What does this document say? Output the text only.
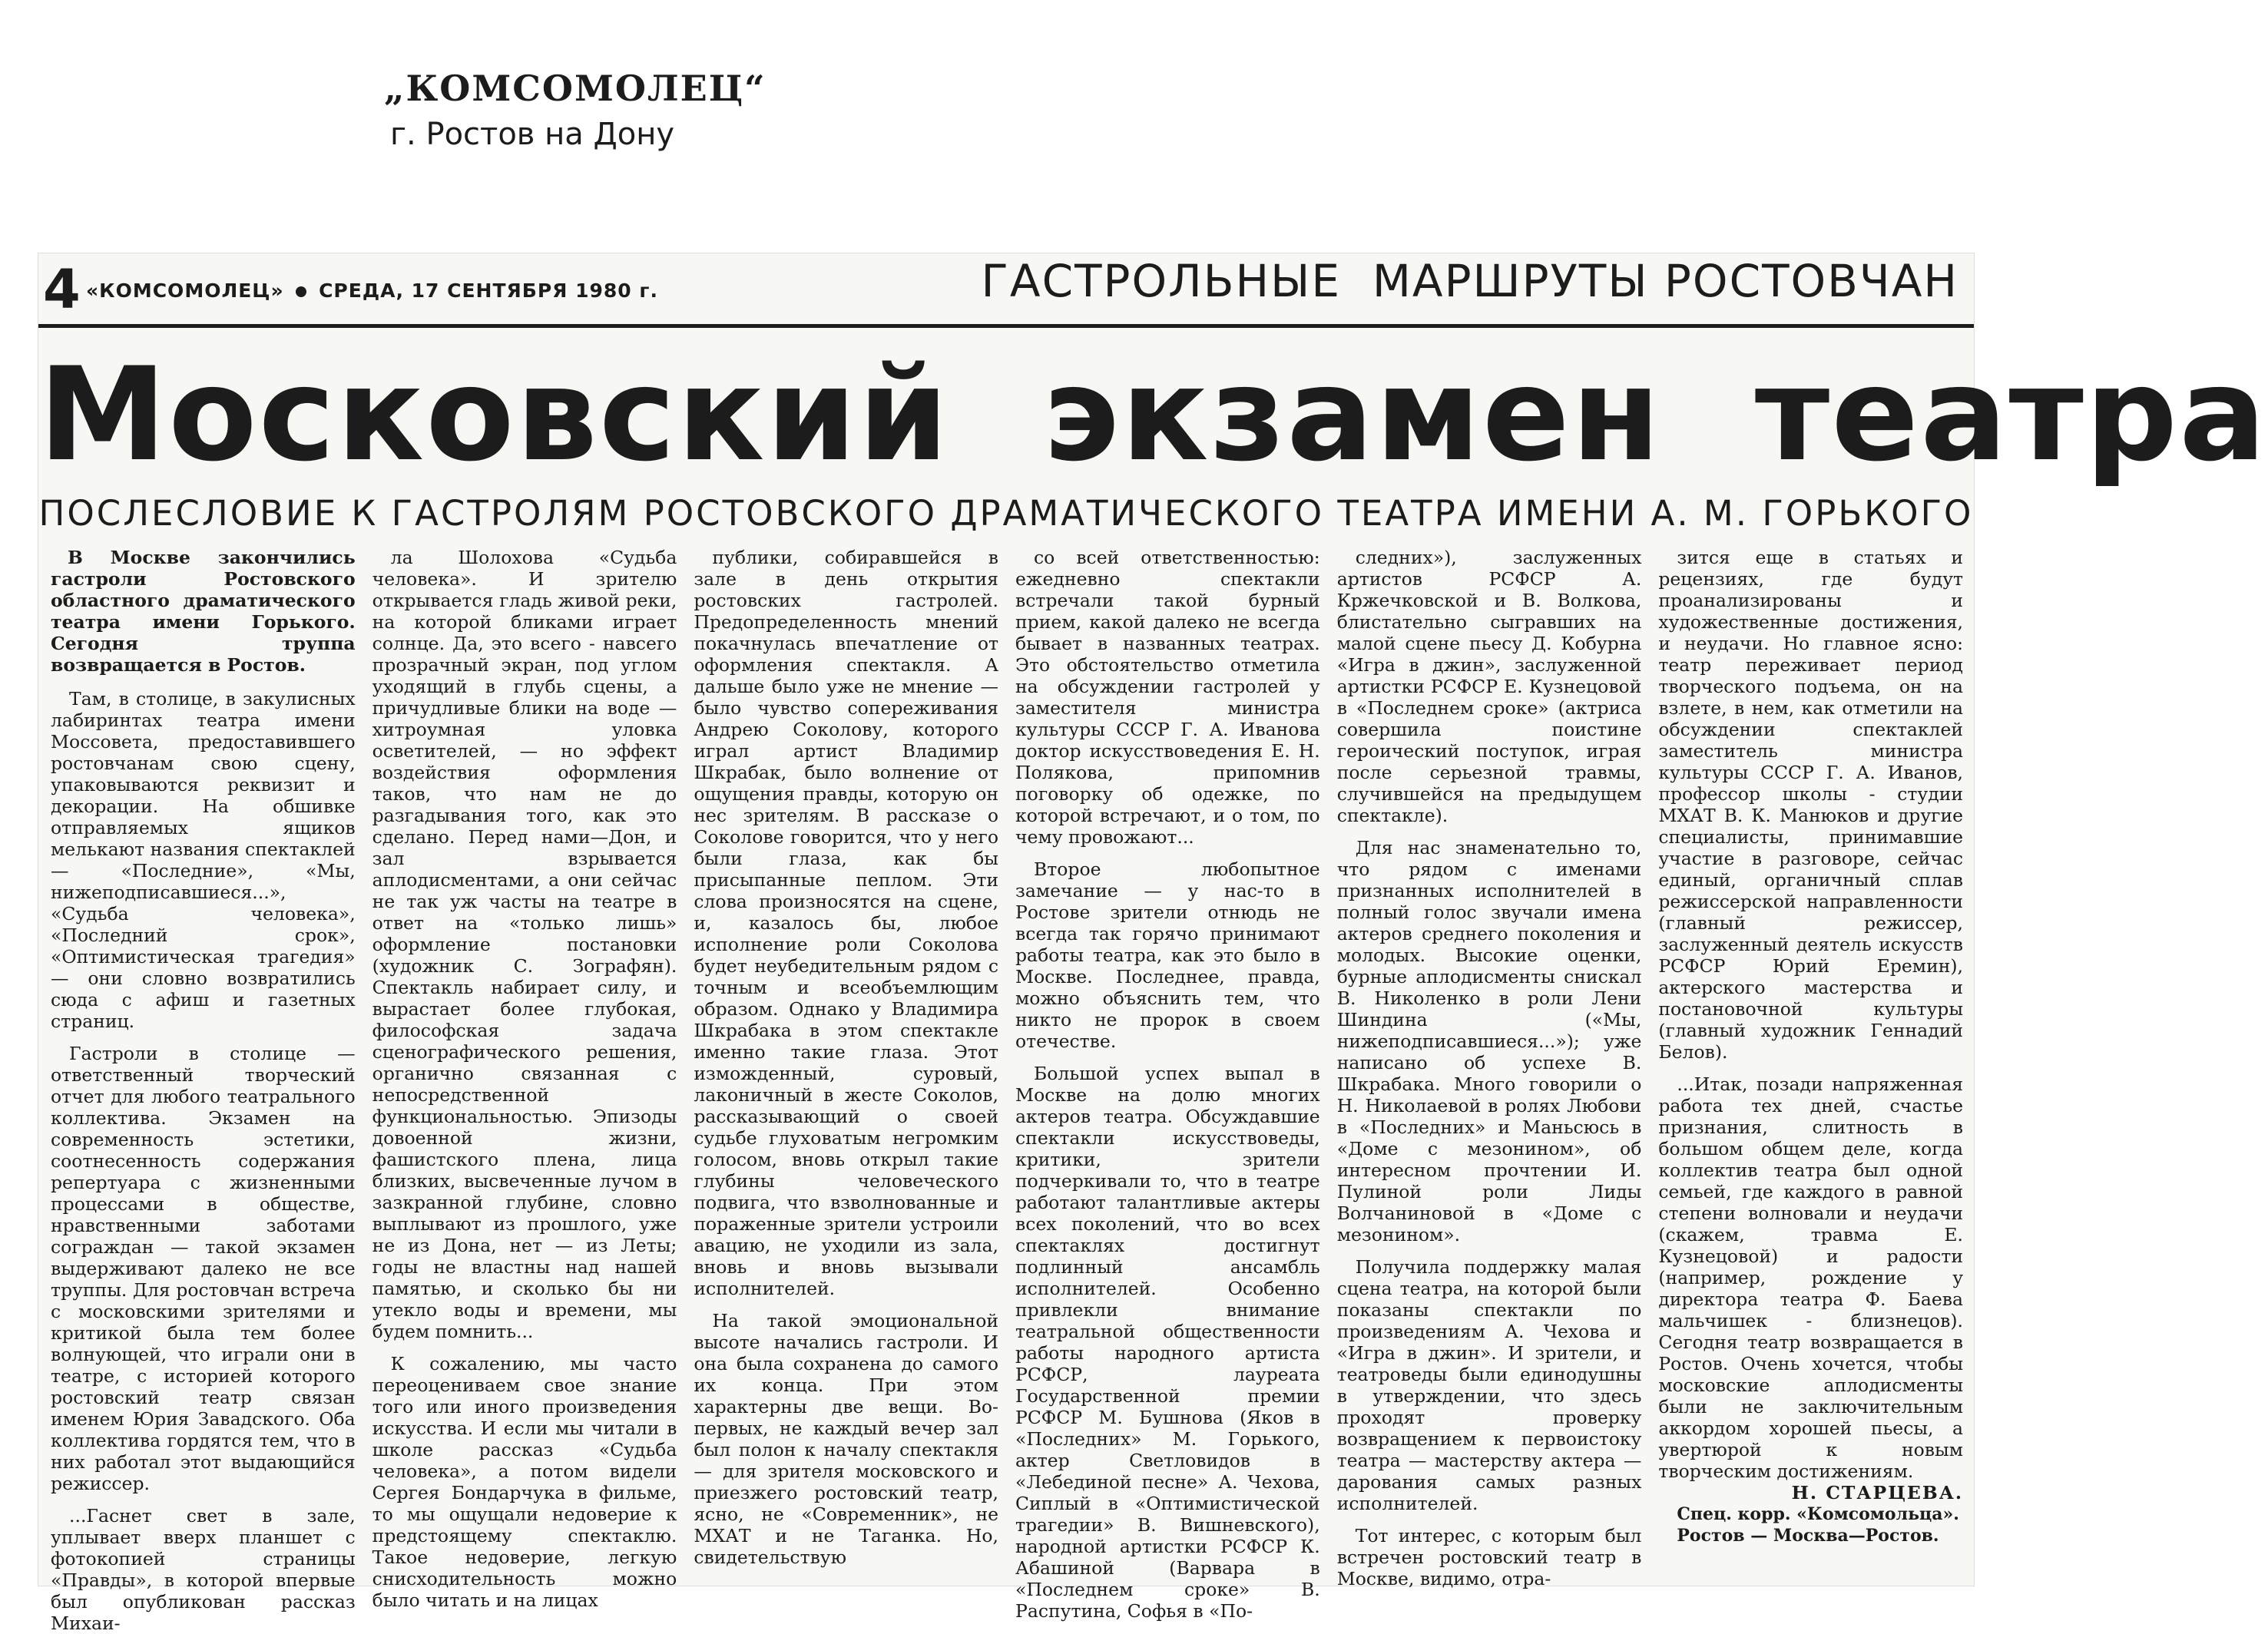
„КОМСОМОЛЕЦ“

г. Ростов на Дону

4 «КОМСОМОЛЕЦ» СРЕДА, 17 СЕНТЯБРЯ 1980 г.	ГАСТРОЛЬНЫЕ  МАРШРУТЫ РОСТОВЧАН
Московский  экзамен  театра
ПОСЛЕСЛОВИЕ К ГАСТРОЛЯМ РОСТОВСКОГО ДРАМАТИЧЕСКОГО ТЕАТРА ИМЕНИ А. М. ГОРЬКОГО

В Москве закончились гастроли Ростовского областного драматического театра имени Горького. Сегодня труппа возвращается в Ростов.

Там, в столице, в закулисных лабиринтах театра имени Моссовета, предоставившего ростовчанам свою сцену, упаковываются реквизит и декорации. На обшивке отправляемых ящиков мелькают названия спектаклей — «Последние», «Мы, нижеподписавшиеся...», «Судьба человека», «Последний срок», «Оптимистическая трагедия» — они словно возвратились сюда с афиш и газетных страниц.

Гастроли в столице — ответственный творческий отчет для любого театрального коллектива. Экзамен на современность эстетики, соотнесенность содержания репертуара с жизненными процессами в обществе, нравственными заботами сограждан — такой экзамен выдерживают далеко не все труппы. Для ростовчан встреча с московскими зрителями и критикой была тем более волнующей, что играли они в театре, с историей которого ростовский театр связан именем Юрия Завадского. Оба коллектива гордятся тем, что в них работал этот выдающийся режиссер.

...Гаснет свет в зале, уплывает вверх планшет с фотокопией страницы «Правды», в которой впервые был опубликован рассказ Михаи-

ла Шолохова «Судьба человека». И зрителю открывается гладь живой реки, на которой бликами играет солнце. Да, это всего - навсего прозрачный экран, под углом уходящий в глубь сцены, а причудливые блики на воде — хитроумная уловка осветителей, — но эффект воздействия оформления таков, что нам не до разгадывания того, как это сделано. Перед нами—Дон, и зал взрывается аплодисментами, а они сейчас не так уж часты на театре в ответ на «только лишь» оформление постановки (художник С. Зографян). Спектакль набирает силу, и вырастает более глубокая, философская задача сценографического решения, органично связанная с непосредственной функциональностью. Эпизоды довоенной жизни, фашистского плена, лица близких, высвеченные лучом в зазкранной глубине, словно выплывают из прошлого, уже не из Дона, нет — из Леты; годы не властны над нашей памятью, и сколько бы ни утекло воды и времени, мы будем помнить...

К сожалению, мы часто переоцениваем свое знание того или иного произведения искусства. И если мы читали в школе рассказ «Судьба человека», а потом видели Сергея Бондарчука в фильме, то мы ощущали недоверие к предстоящему спектаклю. Такое недоверие, легкую снисходительность можно было читать и на лицах

публики, собиравшейся в зале в день открытия ростовских гастролей. Предопределенность мнений покачнулась впечатление от оформления спектакля. А дальше было уже не мнение — было чувство сопереживания Андрею Соколову, которого играл артист Владимир Шкрабак, было волнение от ощущения правды, которую он нес зрителям. В рассказе о Соколове говорится, что у него были глаза, как бы присыпанные пеплом. Эти слова произносятся на сцене, и, казалось бы, любое исполнение роли Соколова будет неубедительным рядом с точным и всеобъемлющим образом. Однако у Владимира Шкрабака в этом спектакле именно такие глаза. Этот изможденный, суровый, лаконичный в жесте Соколов, рассказывающий о своей судьбе глуховатым негромким голосом, вновь открыл такие глубины человеческого подвига, что взволнованные и пораженные зрители устроили авацию, не уходили из зала, вновь и вновь вызывали исполнителей.

На такой эмоциональной высоте начались гастроли. И она была сохранена до самого их конца. При этом характерны две вещи. Во-первых, не каждый вечер зал был полон к началу спектакля — для зрителя московского и приезжего ростовский театр, ясно, не «Современник», не МХАТ и не Таганка. Но, свидетельствую

со всей ответственностью: ежедневно спектакли встречали такой бурный прием, какой далеко не всегда бывает в названных театрах. Это обстоятельство отметила на обсуждении гастролей у заместителя министра культуры СССР Г. А. Иванова доктор искусствоведения Е. Н. Полякова, припомнив поговорку об одежке, по которой встречают, и о том, по чему провожают...

Второе любопытное замечание — у нас-то в Ростове зрители отнюдь не всегда так горячо принимают работы театра, как это было в Москве. Последнее, правда, можно объяснить тем, что никто не пророк в своем отечестве.

Большой успех выпал в Москве на долю многих актеров театра. Обсуждавшие спектакли искусствоведы, критики, зрители подчеркивали то, что в театре работают талантливые актеры всех поколений, что во всех спектаклях достигнут подлинный ансамбль исполнителей. Особенно привлекли внимание театральной общественности работы народного артиста РСФСР, лауреата Государственной премии РСФСР М. Бушнова (Яков в «Последних» М. Горького, актер Светловидов в «Лебединой песне» А. Чехова, Сиплый в «Оптимистической трагедии» В. Вишневского), народной артистки РСФСР К. Абашиной (Варвара в «Последнем сроке» В. Распутина, Софья в «По-

следних»), заслуженных артистов РСФСР А. Кржечковской и В. Волкова, блистательно сыгравших на малой сцене пьесу Д. Кобурна «Игра в джин», заслуженной артистки РСФСР Е. Кузнецовой в «Последнем сроке» (актриса совершила поистине героический поступок, играя после серьезной травмы, случившейся на предыдущем спектакле).

Для нас знаменательно то, что рядом с именами признанных исполнителей в полный голос звучали имена актеров среднего поколения и молодых. Высокие оценки, бурные аплодисменты снискал В. Николенко в роли Лени Шиндина («Мы, нижеподписавшиеся...»); уже написано об успехе В. Шкрабака. Много говорили о Н. Николаевой в ролях Любови в «Последних» и Маньсюсь в «Доме с мезонином», об интересном прочтении И. Пулиной роли Лиды Волчаниновой в «Доме с мезонином».

Получила поддержку малая сцена театра, на которой были показаны спектакли по произведениям А. Чехова и «Игра в джин». И зрители, и театроведы были единодушны в утверждении, что здесь проходят проверку возвращением к первоистоку театра — мастерству актера — дарования самых разных исполнителей.

Тот интерес, с которым был встречен ростовский театр в Москве, видимо, отра-

зится еще в статьях и рецензиях, где будут проанализированы и художественные достижения, и неудачи. Но главное ясно: театр переживает период творческого подъема, он на взлете, в нем, как отметили на обсуждении спектаклей заместитель министра культуры СССР Г. А. Иванов, профессор школы - студии МХАТ В. К. Манюков и другие специалисты, принимавшие участие в разговоре, сейчас единый, органичный сплав режиссерской направленности (главный режиссер, заслуженный деятель искусств РСФСР Юрий Еремин), актерского мастерства и постановочной культуры (главный художник Геннадий Белов).

...Итак, позади напряженная работа тех дней, счастье признания, слитность в большом общем деле, когда коллектив театра был одной семьей, где каждого в равной степени волновали и неудачи (скажем, травма Е. Кузнецовой) и радости (например, рождение у директора театра Ф. Баева мальчишек - близнецов). Сегодня театр возвращается в Ростов. Очень хочется, чтобы московские аплодисменты были не заключительным аккордом хорошей пьесы, а увертюрой к новым творческим достижениям.

Н. СТАРЦЕВА.

Спец. корр. «Комсомольца».

Ростов — Москва—Ростов.
